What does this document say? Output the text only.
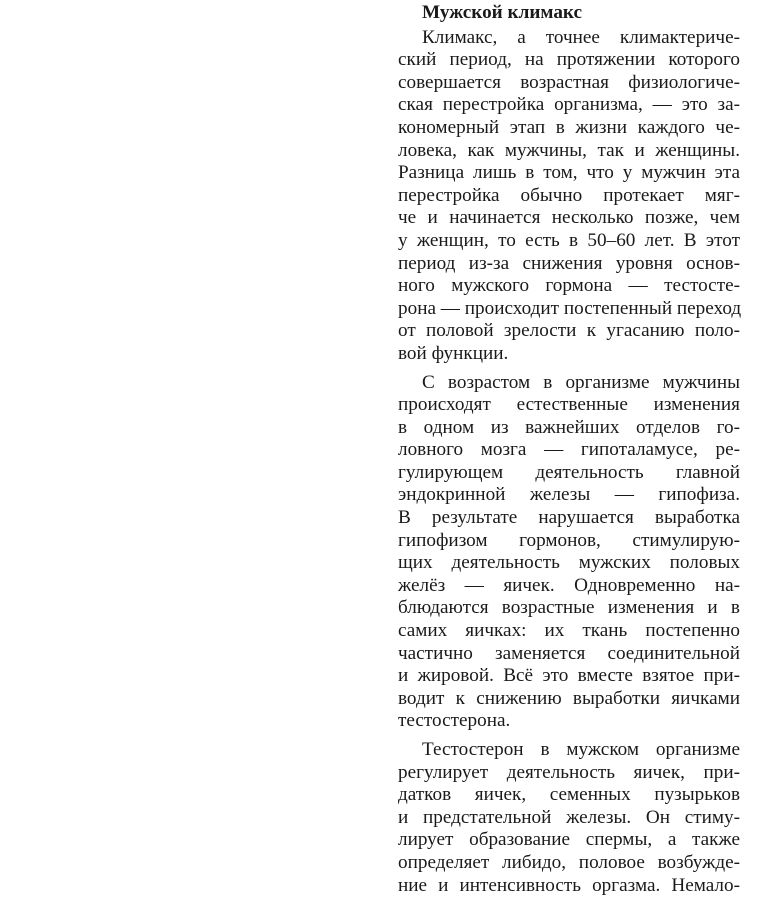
Мужской климакс
Климакс, а точнее климактериче-
ский период, на протяжении которого
совершается возрастная физиологиче-
ская перестройка организма, — это за-
кономерный этап в жизни каждого че-
ловека, как мужчины, так и женщины.
Разница лишь в том, что у мужчин эта
перестройка обычно протекает мяг-
че и начинается несколько позже, чем
у женщин, то есть в 50–60 лет. В этот
период из-за снижения уровня основ-
ного мужского гормона — тестосте-
рона — происходит постепенный переход
от половой зрелости к угасанию поло-
вой функции.
С возрастом в организме мужчины
происходят естественные изменения
в одном из важнейших отделов го-
ловного мозга — гипоталамусе, ре-
гулирующем деятельность главной
эндокринной железы — гипофиза.
В результате нарушается выработка
гипофизом гормонов, стимулирую-
щих деятельность мужских половых
желёз — яичек. Одновременно на-
блюдаются возрастные изменения и в
самих яичках: их ткань постепенно
частично заменяется соединительной
и жировой. Всё это вместе взятое при-
водит к снижению выработки яичками
тестостерона.
Тестостерон в мужском организме
регулирует деятельность яичек, при-
датков яичек, семенных пузырьков
и предстательной железы. Он стиму-
лирует образование спермы, а также
определяет либидо, половое возбужде-
ние и интенсивность оргазма. Немало-
